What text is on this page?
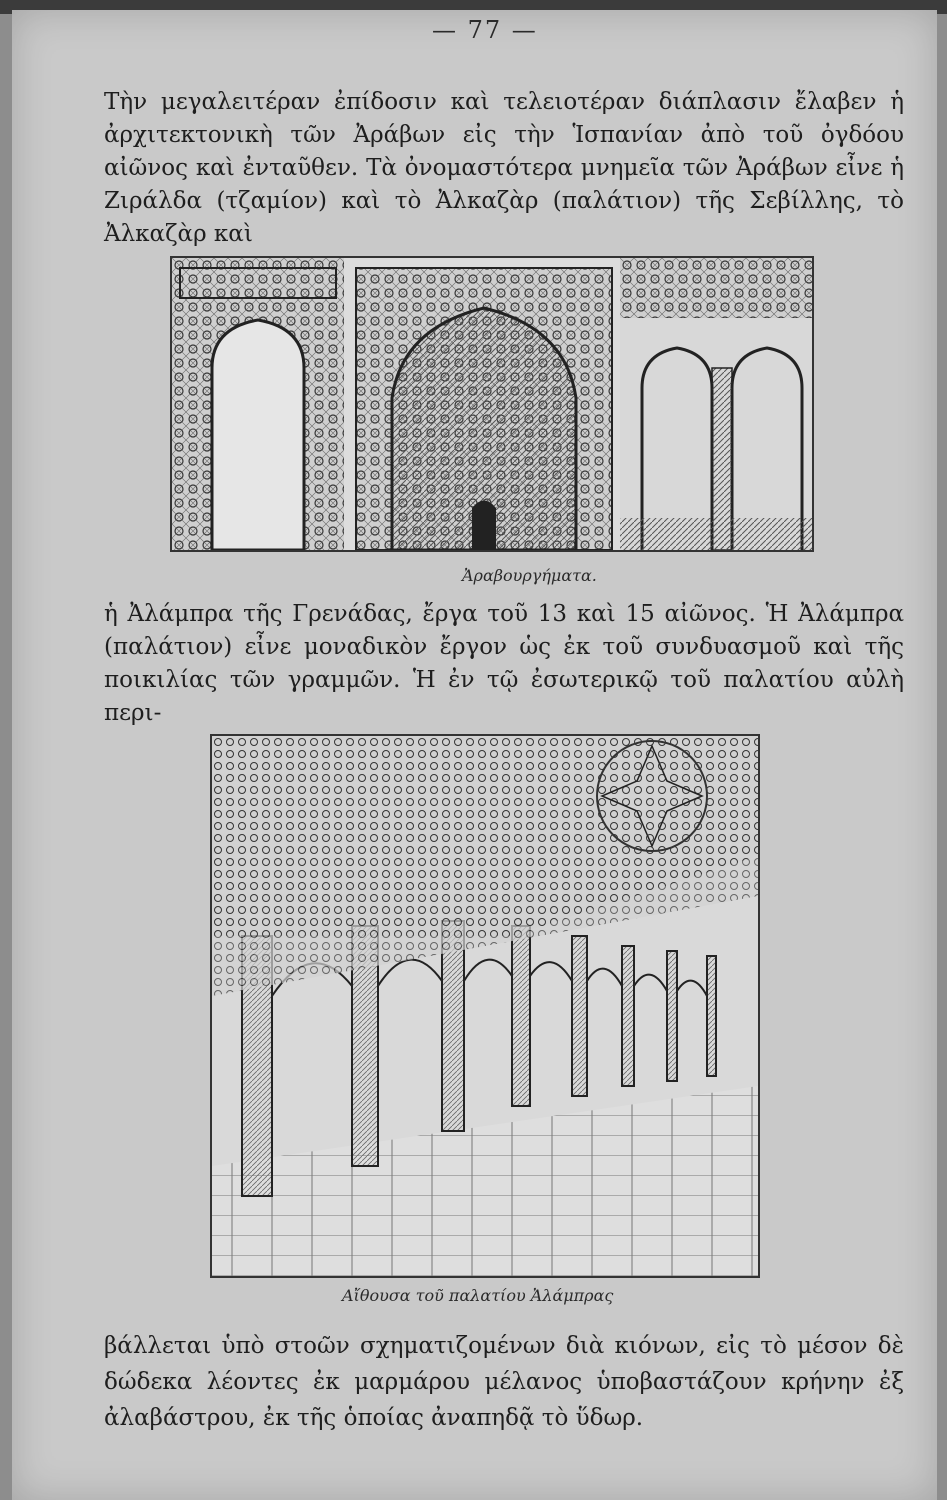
— 77 —
Τὴν μεγαλειτέραν ἐπίδοσιν καὶ τελειοτέραν διάπλασιν ἔλαβεν ἡ ἀρχιτεκτονικὴ τῶν Ἀράβων εἰς τὴν Ἱσπανίαν ἀπὸ τοῦ ὀγδόου αἰῶνος καὶ ἐνταῦθεν. Τὰ ὀνομαστότερα μνημεῖα τῶν Ἀράβων εἶνε ἡ Ζιράλδα (τζαμίον) καὶ τὸ Ἀλκαζὰρ (παλάτιον) τῆς Σεβίλλης, τὸ Ἀλκαζὰρ καὶ
Ἀραβουργήματα.
ἡ Ἀλάμπρα τῆς Γρενάδας, ἔργα τοῦ 13 καὶ 15 αἰῶνος. Ἡ Ἀλάμπρα (παλάτιον) εἶνε μοναδικὸν ἔργον ὡς ἐκ τοῦ συνδυασμοῦ καὶ τῆς ποικιλίας τῶν γραμμῶν. Ἡ ἐν τῷ ἐσωτερικῷ τοῦ παλατίου αὐλὴ περι-
Αἴθουσα τοῦ παλατίου Ἀλάμπρας
βάλλεται ὑπὸ στοῶν σχηματιζομένων διὰ κιόνων, εἰς τὸ μέσον δὲ δώδεκα λέοντες ἐκ μαρμάρου μέλανος ὑποβαστάζουν κρήνην ἐξ ἀλαβάστρου, ἐκ τῆς ὁποίας ἀναπηδᾷ τὸ ὕδωρ.
